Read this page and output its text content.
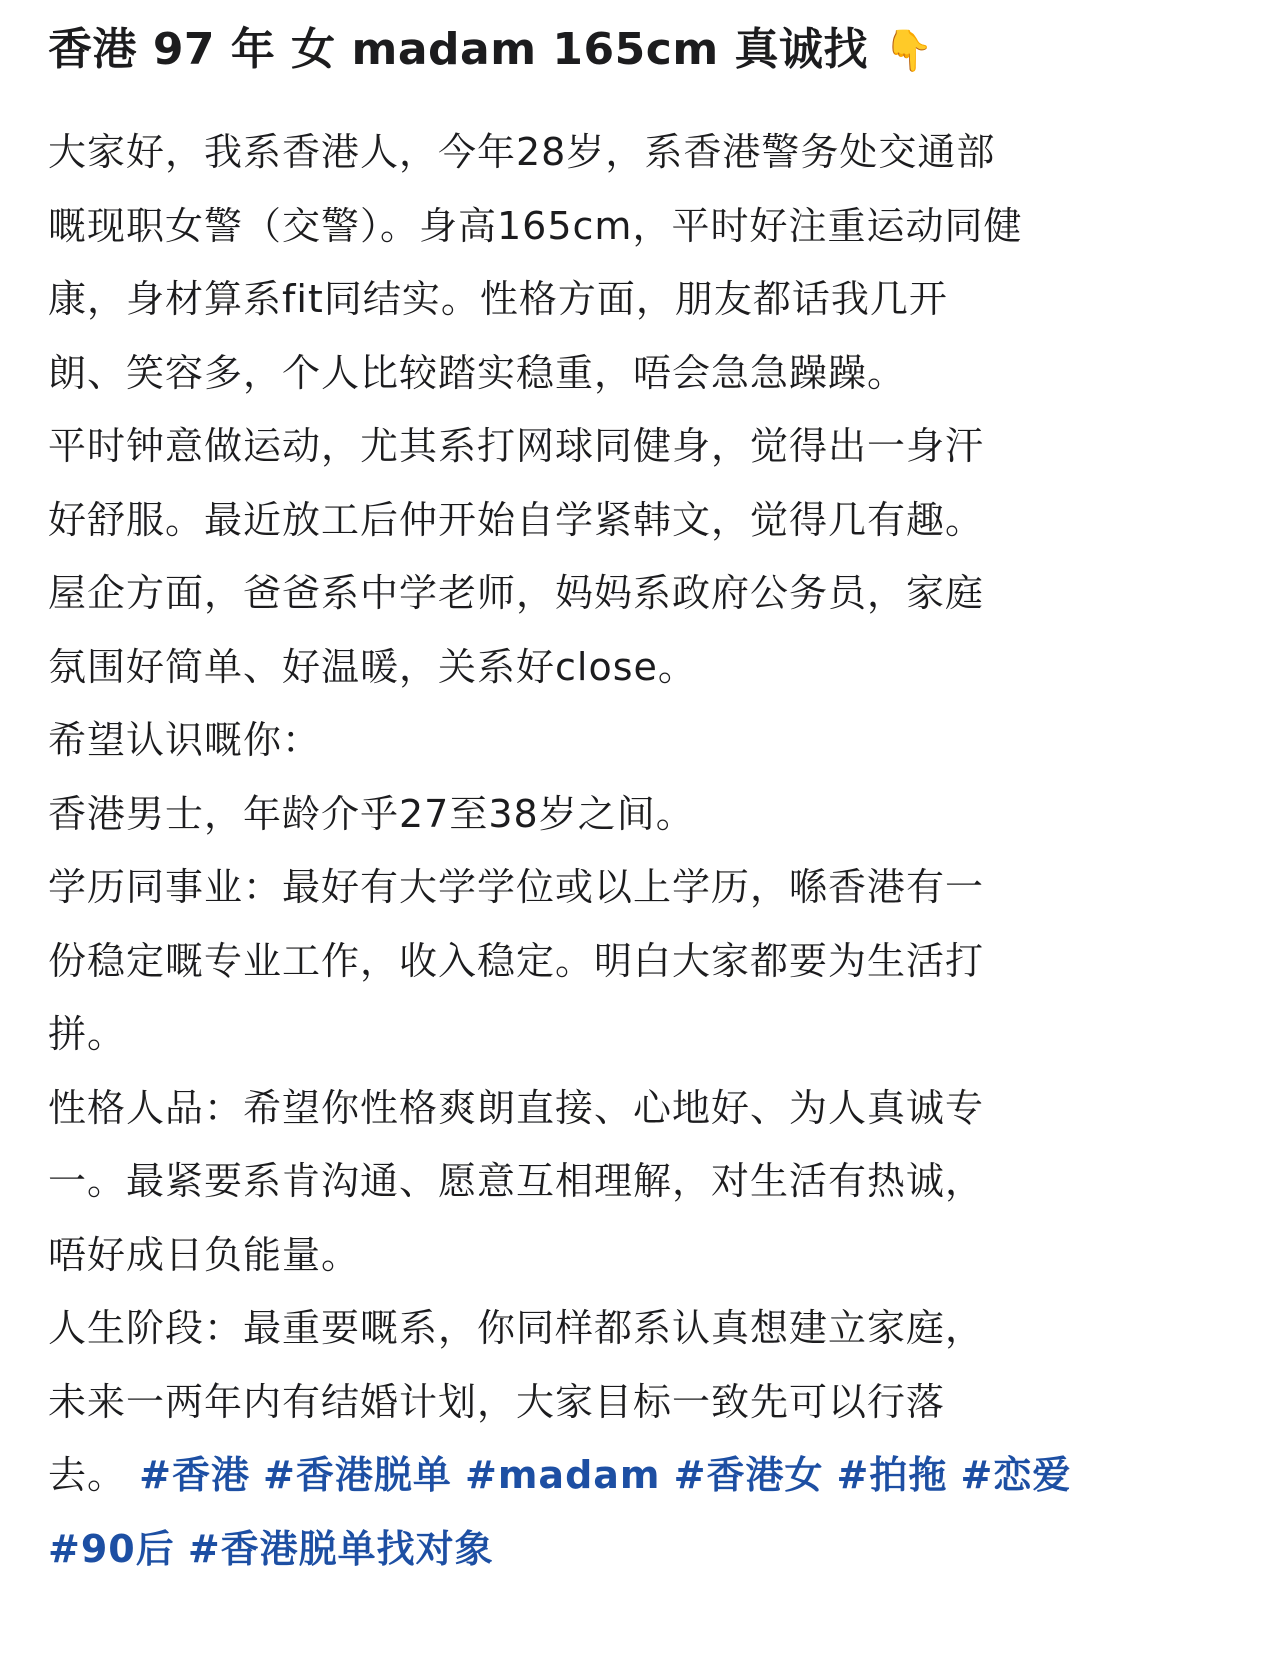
香港 97 年 女 madam 165cm 真诚找 👇
大家好，我系香港人，今年28岁，系香港警务处交通部
嘅现职女警（交警）。身高165cm，平时好注重运动同健
康，身材算系fit同结实。性格方面，朋友都话我几开
朗、笑容多，个人比较踏实稳重，唔会急急躁躁。
平时钟意做运动，尤其系打网球同健身，觉得出一身汗
好舒服。最近放工后仲开始自学紧韩文，觉得几有趣。
屋企方面，爸爸系中学老师，妈妈系政府公务员，家庭
氛围好简单、好温暖，关系好close。
希望认识嘅你：
香港男士，年龄介乎27至38岁之间。
学历同事业：最好有大学学位或以上学历，喺香港有一
份稳定嘅专业工作，收入稳定。明白大家都要为生活打
拼。
性格人品：希望你性格爽朗直接、心地好、为人真诚专
一。最紧要系肯沟通、愿意互相理解，对生活有热诚，
唔好成日负能量。
人生阶段：最重要嘅系，你同样都系认真想建立家庭，
未来一两年内有结婚计划，大家目标一致先可以行落
去。 #香港 #香港脱单 #madam #香港女 #拍拖 #恋爱
#90后 #香港脱单找对象
